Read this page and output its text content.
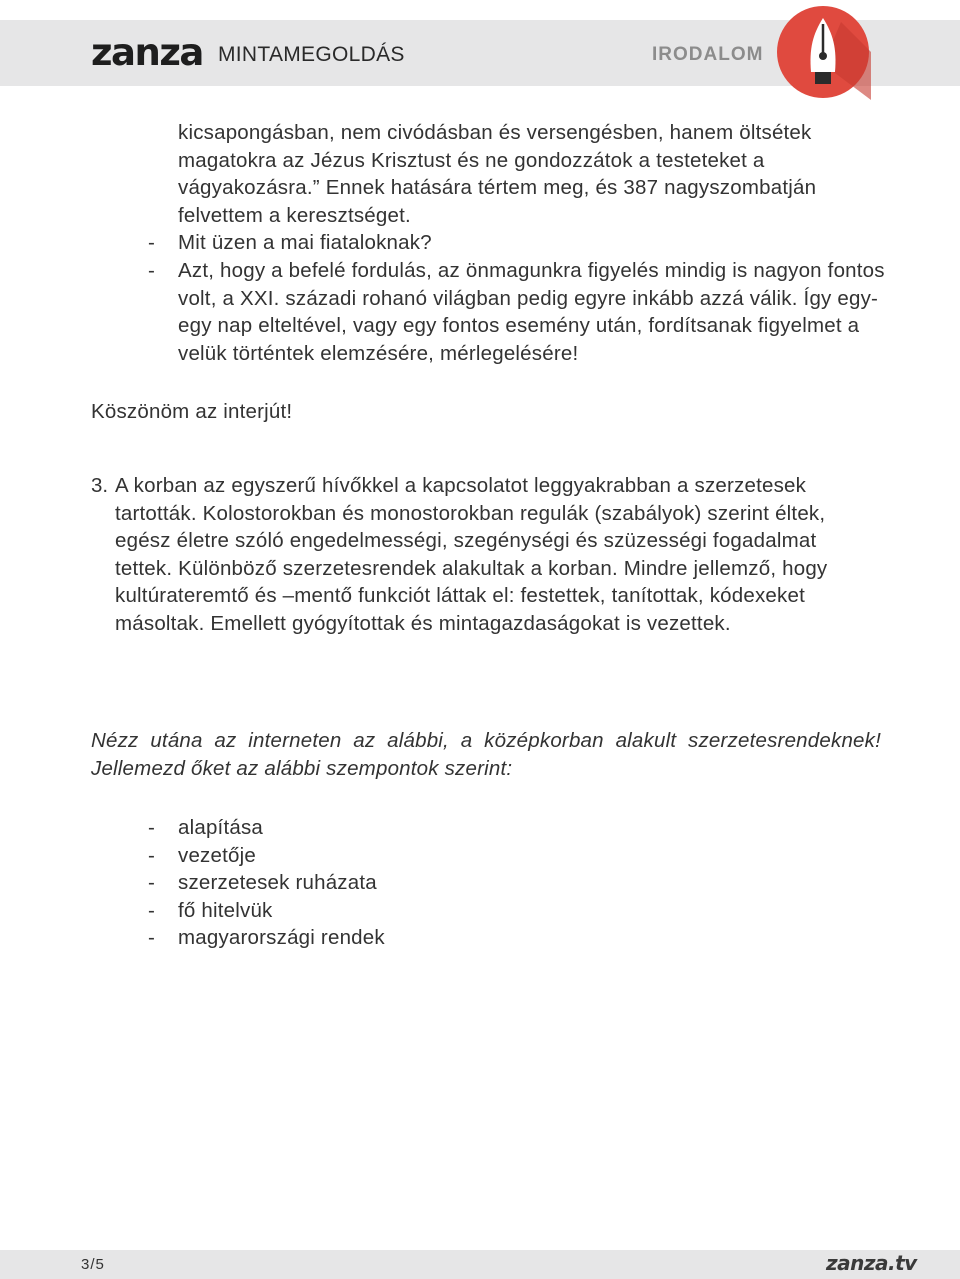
zanza MINTAMEGOLDÁS	IRODALOM

kicsapongásban, nem civódásban és versengésben, hanem öltsétek magatokra az Jézus Krisztust és ne gondozzátok a testeteket a vágyakozásra.” Ennek hatására tértem meg, és 387 nagyszombatján felvettem a keresztséget.

- Mit üzen a mai fiataloknak?

- Azt, hogy a befelé fordulás, az önmagunkra figyelés mindig is nagyon fontos volt, a XXI. századi rohanó világban pedig egyre inkább azzá válik. Így egy-egy nap elteltével, vagy egy fontos esemény után, fordítsanak figyelmet a velük történtek elemzésére, mérlegelésére!

Köszönöm az interjút!

3. A korban az egyszerű hívőkkel a kapcsolatot leggyakrabban a szerzetesek tartották. Kolostorokban és monostorokban regulák (szabályok) szerint éltek, egész életre szóló engedelmességi, szegénységi és szüzességi fogadalmat tettek. Különböző szerzetesrendek alakultak a korban. Mindre jellemző, hogy kultúrateremtő és –mentő funkciót láttak el: festettek, tanítottak, kódexeket másoltak. Emellett gyógyítottak és mintagazdaságokat is vezettek.

Nézz utána az interneten az alábbi, a középkorban alakult szerzetesrendeknek! Jellemezd őket az alábbi szempontok szerint:

- alapítása

- vezetője

- szerzetesek ruházata

- fő hitelvük

- magyarországi rendek

3/5	zanza.tv
